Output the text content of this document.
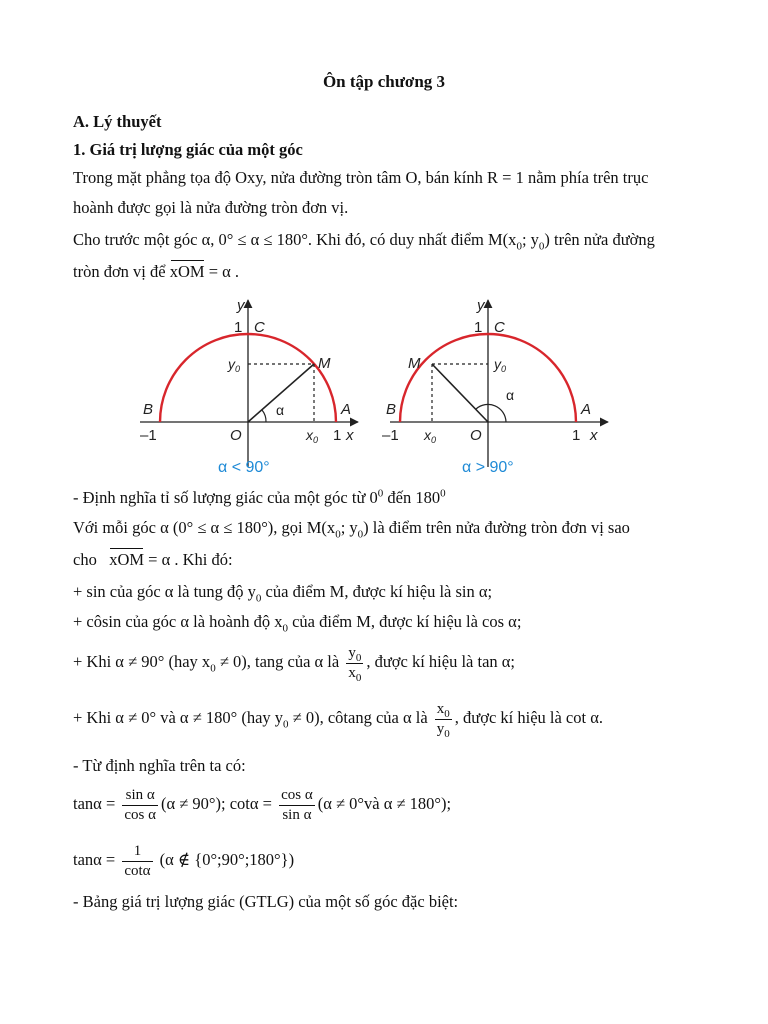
Ôn tập chương 3
A. Lý thuyết
1. Giá trị lượng giác của một góc
Trong mặt phẳng tọa độ Oxy, nửa đường tròn tâm O, bán kính R = 1 nằm phía trên trục
hoành được gọi là nửa đường tròn đơn vị.
Cho trước một góc α, 0° ≤ α ≤ 180°. Khi đó, có duy nhất điểm $M(x_0$; $y_0$) trên nửa đường
tròn đơn vị để xOM = α .
y
1 C
$y_0$	M
α
B	A
–1	O	$x_0$ 1 x
α < 90°
y
1 C
$y_0$
M
α
B	A
–1 $x_0$ O	1 x
α > 90°
- Định nghĩa tỉ số lượng giác của một góc từ $0^0$ đến $180^0$
Với mỗi góc α (0° ≤ α ≤ 180°), gọi $M(x_0$; $y_0$) là điểm trên nửa đường tròn đơn vị sao
cho xOM = α . Khi đó:
+ sin của góc α là tung độ $y_0$ của điểm M, được kí hiệu là sin α;
+ côsin của góc α là hoành độ $x_0$ của điểm M, được kí hiệu là cos α;
+ Khi α ≠ 90° (hay $x_0 \ne 0$), tang của α là $\frac{y_0}{x_0}$ , được kí hiệu là tan α;
+ Khi α ≠ 0° và α ≠ 180° (hay $y_0 \ne 0$), côtang của α là $\frac{x_0}{y_0}$ , được kí hiệu là cot α.
- Từ định nghĩa trên ta có:
$\tan\alpha = \frac{\text{sin α}}{\text{cos α}} (\alpha \ne 90^\circ)$; $\cot\alpha = \frac{\text{cos α}}{\text{sin α}} (\alpha$ ≠ 0°và α ≠ 180°);
$\tan\alpha = \frac{1}{\cot\alpha} (\alpha$ ∉ {0°;90°;180°})
- Bảng giá trị lượng giác (GTLG) của một số góc đặc biệt:
